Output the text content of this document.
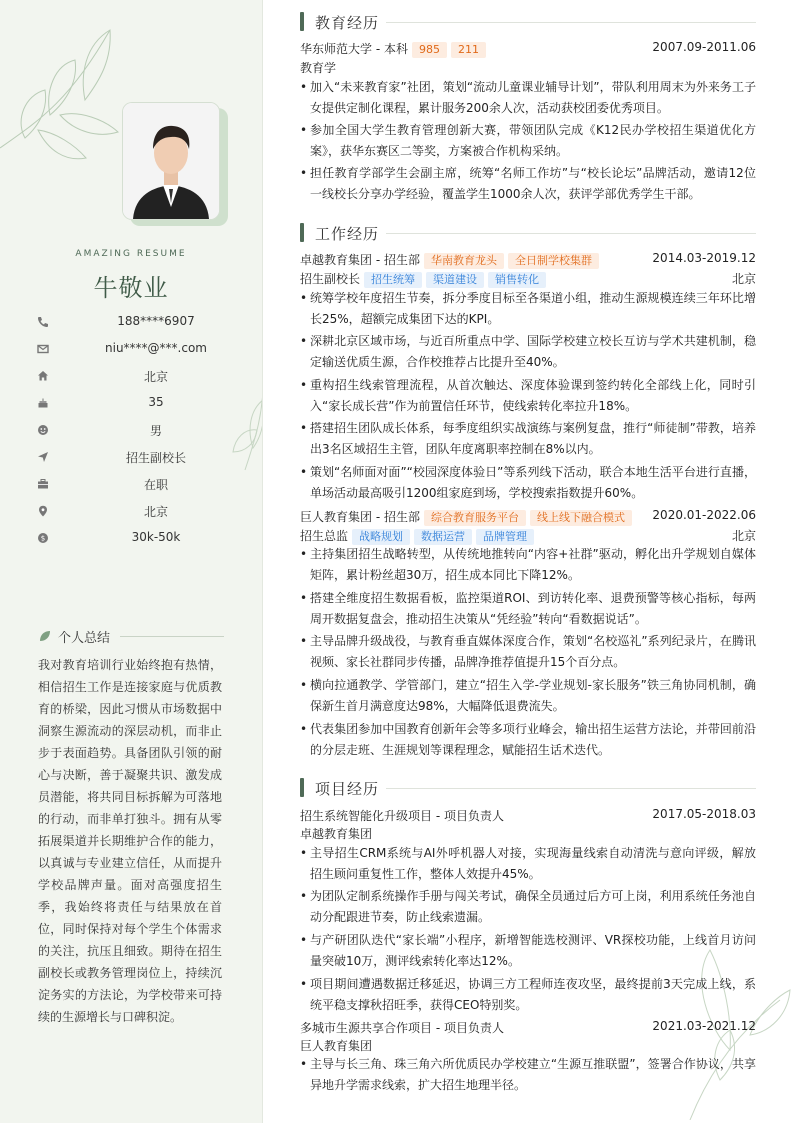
AMAZING RESUME
牛敬业
188****6907
niu****@***.com
北京
35
男
招生副校长
在职
北京
$	30k-50k
个人总结
我对教育培训行业始终抱有热情，相信招生工作是连接家庭与优质教育的桥梁，因此习惯从市场数据中洞察生源流动的深层动机，而非止步于表面趋势。具备团队引领的耐心与决断，善于凝聚共识、激发成员潜能，将共同目标拆解为可落地的行动，而非单打独斗。拥有从零拓展渠道并长期维护合作的能力，以真诚与专业建立信任，从而提升学校品牌声量。面对高强度招生季，我始终将责任与结果放在首位，同时保持对每个学生个体需求的关注，抗压且细致。期待在招生副校长或教务管理岗位上，持续沉淀务实的方法论，为学校带来可持续的生源增长与口碑积淀。
教育经历
华东师范大学 - 本科 985 211	2007.09-2011.06
教育学
• 加入“未来教育家”社团，策划“流动儿童课业辅导计划”，带队利用周末为外来务工子女提供定制化课程，累计服务200余人次，活动获校团委优秀项目。
• 参加全国大学生教育管理创新大赛，带领团队完成《K12民办学校招生渠道优化方案》，获华东赛区二等奖，方案被合作机构采纳。
• 担任教育学部学生会副主席，统筹“名师工作坊”与“校长论坛”品牌活动，邀请12位一线校长分享办学经验，覆盖学生1000余人次，获评学部优秀学生干部。
工作经历
卓越教育集团 - 招生部 华南教育龙头 全日制学校集群	2014.03-2019.12
招生副校长 招生统筹 渠道建设 销售转化	北京
• 统筹学校年度招生节奏，拆分季度目标至各渠道小组，推动生源规模连续三年环比增长25%，超额完成集团下达的KPI。
• 深耕北京区域市场，与近百所重点中学、国际学校建立校长互访与学术共建机制，稳定输送优质生源，合作校推荐占比提升至40%。
• 重构招生线索管理流程，从首次触达、深度体验课到签约转化全部线上化，同时引入“家长成长营”作为前置信任环节，使线索转化率拉升18%。
• 搭建招生团队成长体系，每季度组织实战演练与案例复盘，推行“师徒制”带教，培养出3名区域招生主管，团队年度离职率控制在8%以内。
• 策划“名师面对面”“校园深度体验日”等系列线下活动，联合本地生活平台进行直播，单场活动最高吸引1200组家庭到场，学校搜索指数提升60%。
巨人教育集团 - 招生部 综合教育服务平台 线上线下融合模式 2020.01-2022.06
招生总监 战略规划 数据运营 品牌管理	北京
• 主持集团招生战略转型，从传统地推转向“内容+社群”驱动，孵化出升学规划自媒体矩阵，累计粉丝超30万，招生成本同比下降12%。
• 搭建全维度招生数据看板，监控渠道ROI、到访转化率、退费预警等核心指标，每两周开数据复盘会，推动招生决策从“凭经验”转向“看数据说话”。
• 主导品牌升级战役，与教育垂直媒体深度合作，策划“名校巡礼”系列纪录片，在腾讯视频、家长社群同步传播，品牌净推荐值提升15个百分点。
• 横向拉通教学、学管部门，建立“招生入学-学业规划-家长服务”铁三角协同机制，确保新生首月满意度达98%，大幅降低退费流失。
• 代表集团参加中国教育创新年会等多项行业峰会，输出招生运营方法论，并带回前沿的分层走班、生涯规划等课程理念，赋能招生话术迭代。
项目经历
招生系统智能化升级项目 - 项目负责人	2017.05-2018.03
卓越教育集团
• 主导招生CRM系统与AI外呼机器人对接，实现海量线索自动清洗与意向评级，解放招生顾问重复性工作，整体人效提升45%。
• 为团队定制系统操作手册与闯关考试，确保全员通过后方可上岗，利用系统任务池自动分配跟进节奏，防止线索遗漏。
• 与产研团队迭代“家长端”小程序，新增智能选校测评、VR探校功能，上线首月访问量突破10万，测评线索转化率达12%。
• 项目期间遭遇数据迁移延迟，协调三方工程师连夜攻坚，最终提前3天完成上线，系统平稳支撑秋招旺季，获得CEO特别奖。
多城市生源共享合作项目 - 项目负责人	2021.03-2021.12
巨人教育集团
• 主导与长三角、珠三角六所优质民办学校建立“生源互推联盟”，签署合作协议，共享异地升学需求线索，扩大招生地理半径。
